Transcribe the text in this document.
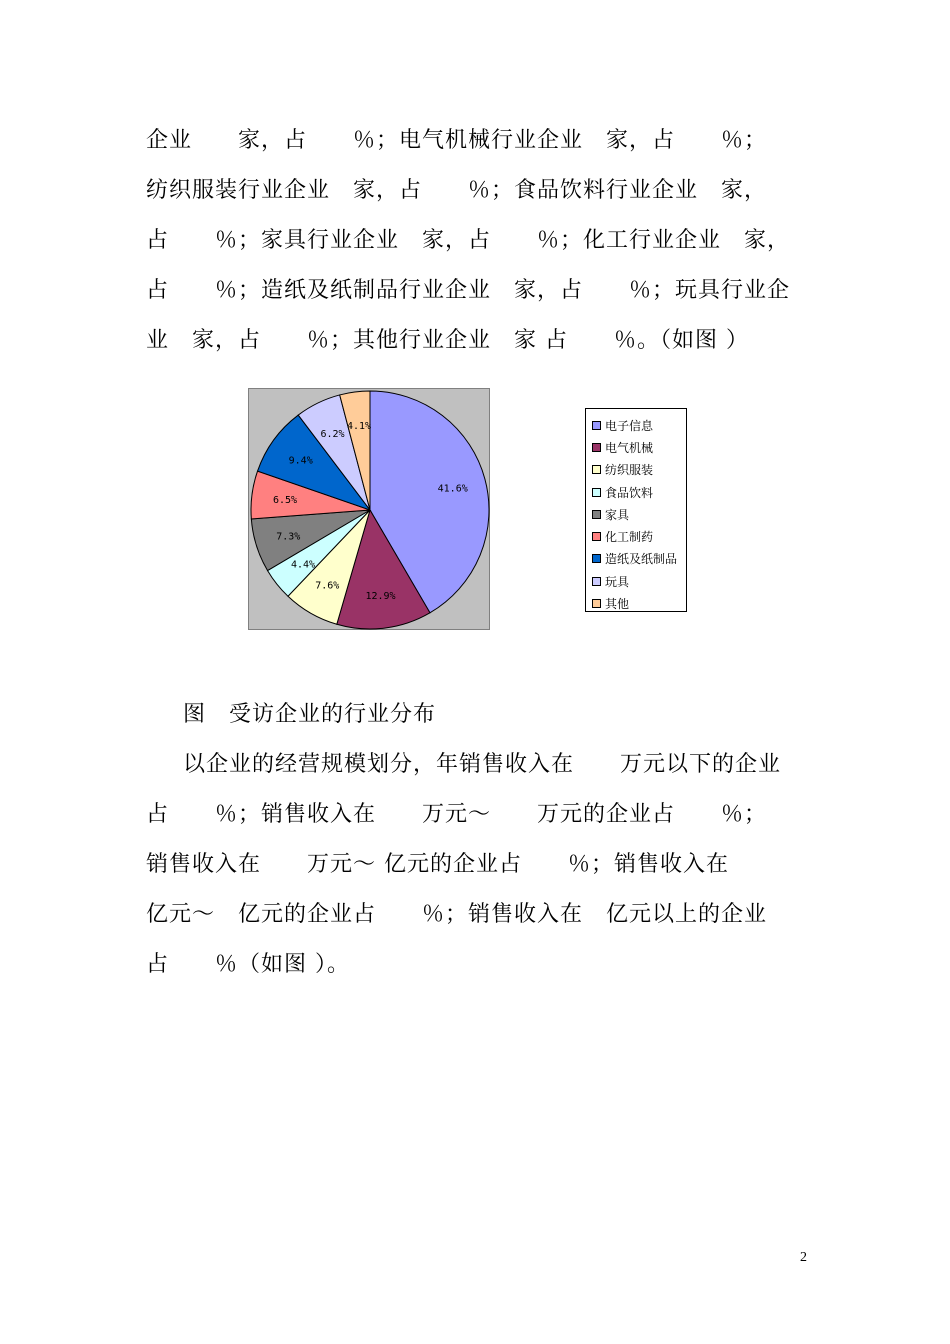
企业　　家，占　　％；电气机械行业企业　家，占　　％；
纺织服装行业企业　家，占　　％；食品饮料行业企业　家，
占　　％；家具行业企业　家，占　　％；化工行业企业　家，
占　　％；造纸及纸制品行业企业　家，占　　％；玩具行业企
业　家，占　　％；其他行业企业　家 占　　％。（如图 ）
41.6%
12.9%
7.6%
4.4%
7.3%
6.5%
9.4%
6.2%
4.1%	电子信息
电气机械
纺织服装
食品饮料
家具
化工制药
造纸及纸制品
玩具
其他
图　受访企业的行业分布
以企业的经营规模划分，年销售收入在　　万元以下的企业
占　　％；销售收入在　　万元～　　万元的企业占　　％；
销售收入在　　万元～ 亿元的企业占　　％；销售收入在
亿元～　亿元的企业占　　％；销售收入在　亿元以上的企业
占　　％（如图 ）。
2
